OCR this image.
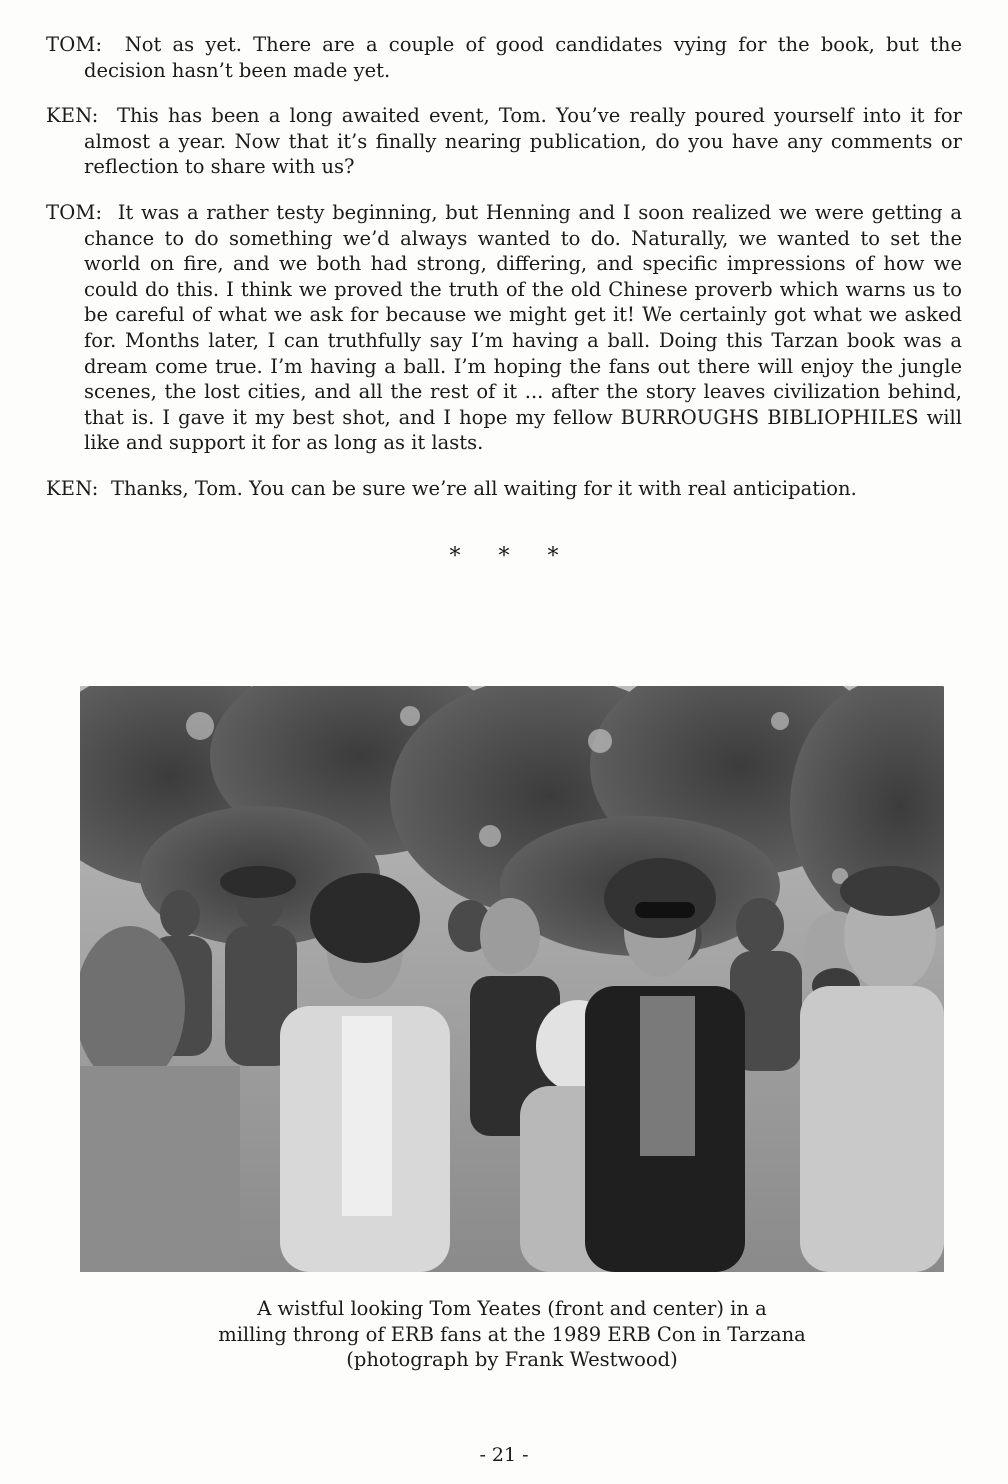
TOM: Not as yet. There are a couple of good candidates vying for the book, but the decision hasn’t been made yet.

KEN: This has been a long awaited event, Tom. You’ve really poured yourself into it for almost a year. Now that it’s finally nearing publication, do you have any comments or reflection to share with us?

TOM: It was a rather testy beginning, but Henning and I soon realized we were getting a chance to do something we’d always wanted to do. Naturally, we wanted to set the world on fire, and we both had strong, differing, and specific impressions of how we could do this. I think we proved the truth of the old Chinese proverb which warns us to be careful of what we ask for because we might get it! We certainly got what we asked for. Months later, I can truthfully say I’m having a ball. Doing this Tarzan book was a dream come true. I’m having a ball. I’m hoping the fans out there will enjoy the jungle scenes, the lost cities, and all the rest of it ... after the story leaves civilization behind, that is. I gave it my best shot, and I hope my fellow BURROUGHS BIBLIOPHILES will like and support it for as long as it lasts.

KEN: Thanks, Tom. You can be sure we’re all waiting for it with real anticipation.

* * *
A wistful looking Tom Yeates (front and center) in a
milling throng of ERB fans at the 1989 ERB Con in Tarzana
(photograph by Frank Westwood)
- 21 -
